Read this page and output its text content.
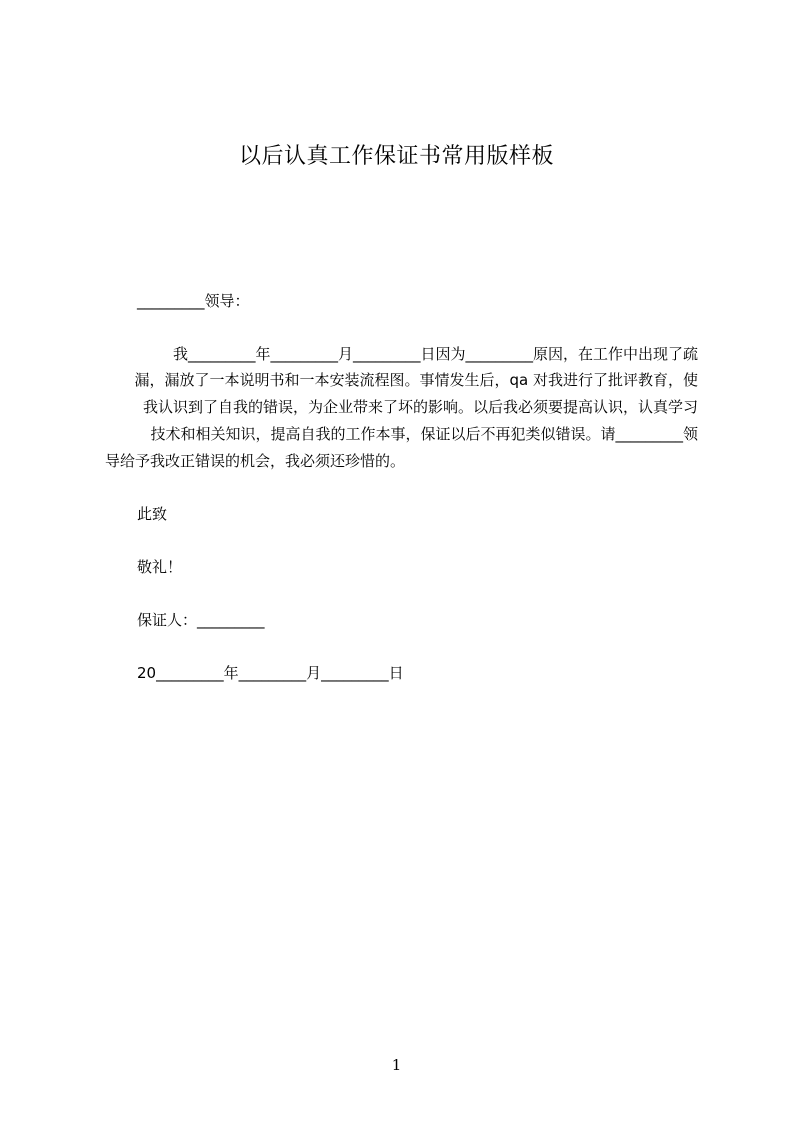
以后认真工作保证书常用版样板
_________领导：
我_________年_________月_________日因为_________原因，在工作中出现了疏
漏，漏放了一本说明书和一本安装流程图。事情发生后，qa 对我进行了批评教育，使
我认识到了自我的错误，为企业带来了坏的影响。以后我必须要提高认识，认真学习
技术和相关知识，提高自我的工作本事，保证以后不再犯类似错误。请_________领
导给予我改正错误的机会，我必须还珍惜的。
此致
敬礼！
保证人：_________
20_________年_________月_________日
1
